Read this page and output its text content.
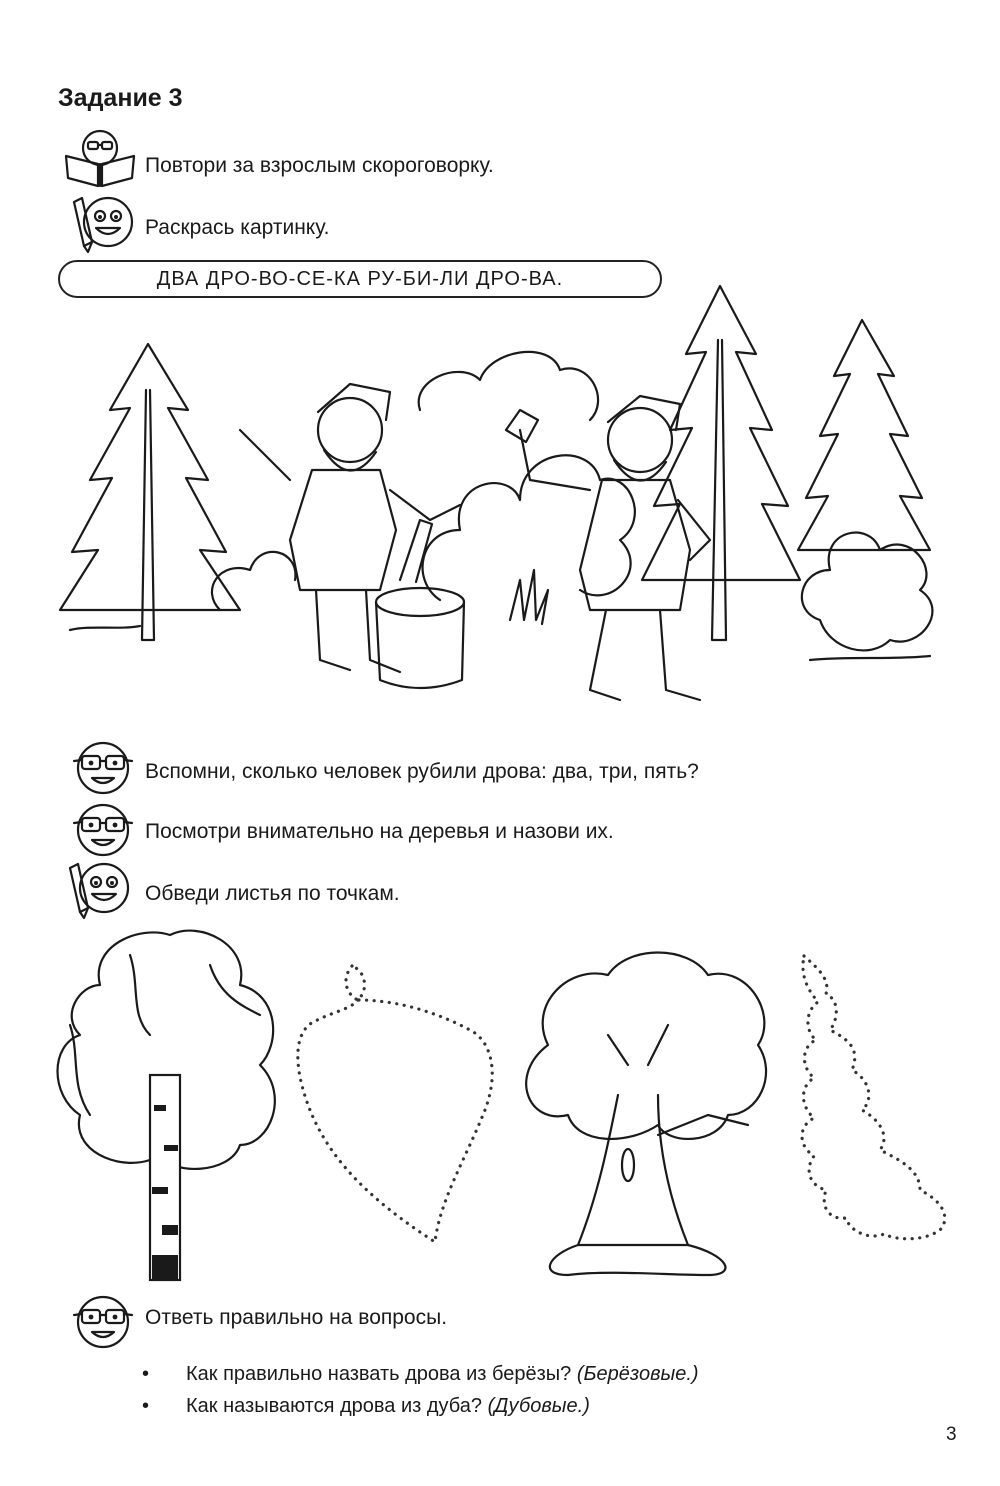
Задание 3
Повтори за взрослым скороговорку.
Раскрась картинку.
ДВА ДРО-ВО-СЕ-КА РУ-БИ-ЛИ ДРО-ВА.
Вспомни, сколько человек рубили дрова: два, три, пять?
Посмотри внимательно на деревья и назови их.
Обведи листья по точкам.
Ответь правильно на вопросы.
• Как правильно назвать дрова из берёзы? (Берёзовые.)
• Как называются дрова из дуба? (Дубовые.)
3
